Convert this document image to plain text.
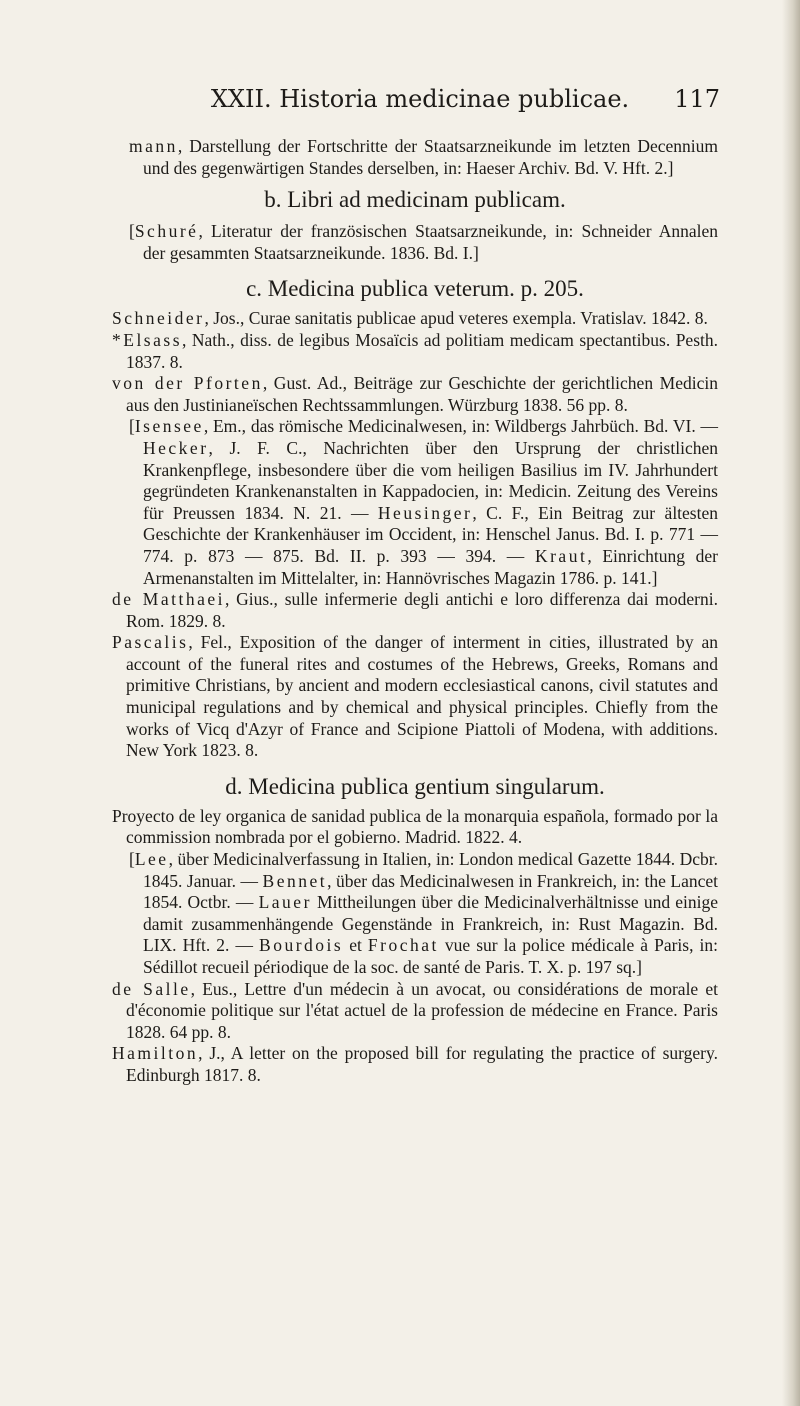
XXII. Historia medicinae publicae.	117

mann, Darstellung der Fortschritte der Staatsarzneikunde im letzten Decennium und des gegenwärtigen Standes derselben, in: Haeser Archiv. Bd. V. Hft. 2.]

b. Libri ad medicinam publicam.

[Schuré, Literatur der französischen Staatsarzneikunde, in: Schneider Annalen der gesammten Staatsarzneikunde. 1836. Bd. I.]

c. Medicina publica veterum. p. 205.

Schneider, Jos., Curae sanitatis publicae apud veteres exempla. Vratislav. 1842. 8.

*Elsass, Nath., diss. de legibus Mosaïcis ad politiam medicam spectantibus. Pesth. 1837. 8.

von der Pforten, Gust. Ad., Beiträge zur Geschichte der gerichtlichen Medicin aus den Justinianeïschen Rechtssammlungen. Würzburg 1838. 56 pp. 8.

[Isensee, Em., das römische Medicinalwesen, in: Wildbergs Jahrbüch. Bd. VI. — Hecker, J. F. C., Nachrichten über den Ursprung der christlichen Krankenpflege, insbesondere über die vom heiligen Basilius im IV. Jahrhundert gegründeten Krankenanstalten in Kappadocien, in: Medicin. Zeitung des Vereins für Preussen 1834. N. 21. — Heusinger, C. F., Ein Beitrag zur ältesten Geschichte der Krankenhäuser im Occident, in: Henschel Janus. Bd. I. p. 771 — 774. p. 873 — 875. Bd. II. p. 393 — 394. — Kraut, Einrichtung der Armenanstalten im Mittelalter, in: Hannövrisches Magazin 1786. p. 141.]

de Matthaei, Gius., sulle infermerie degli antichi e loro differenza dai moderni. Rom. 1829. 8.

Pascalis, Fel., Exposition of the danger of interment in cities, illustrated by an account of the funeral rites and costumes of the Hebrews, Greeks, Romans and primitive Christians, by ancient and modern ecclesiastical canons, civil statutes and municipal regulations and by chemical and physical principles. Chiefly from the works of Vicq d'Azyr of France and Scipione Piattoli of Modena, with additions. New York 1823. 8.

d. Medicina publica gentium singularum.

Proyecto de ley organica de sanidad publica de la monarquia española, formado por la commission nombrada por el gobierno. Madrid. 1822. 4.

[Lee, über Medicinalverfassung in Italien, in: London medical Gazette 1844. Dcbr. 1845. Januar. — Bennet, über das Medicinalwesen in Frankreich, in: the Lancet 1854. Octbr. — Lauer Mittheilungen über die Medicinalverhältnisse und einige damit zusammenhängende Gegenstände in Frankreich, in: Rust Magazin. Bd. LIX. Hft. 2. — Bourdois et Frochat vue sur la police médicale à Paris, in: Sédillot recueil périodique de la soc. de santé de Paris. T. X. p. 197 sq.]

de Salle, Eus., Lettre d'un médecin à un avocat, ou considérations de morale et d'économie politique sur l'état actuel de la profession de médecine en France. Paris 1828. 64 pp. 8.

Hamilton, J., A letter on the proposed bill for regulating the practice of surgery. Edinburgh 1817. 8.
